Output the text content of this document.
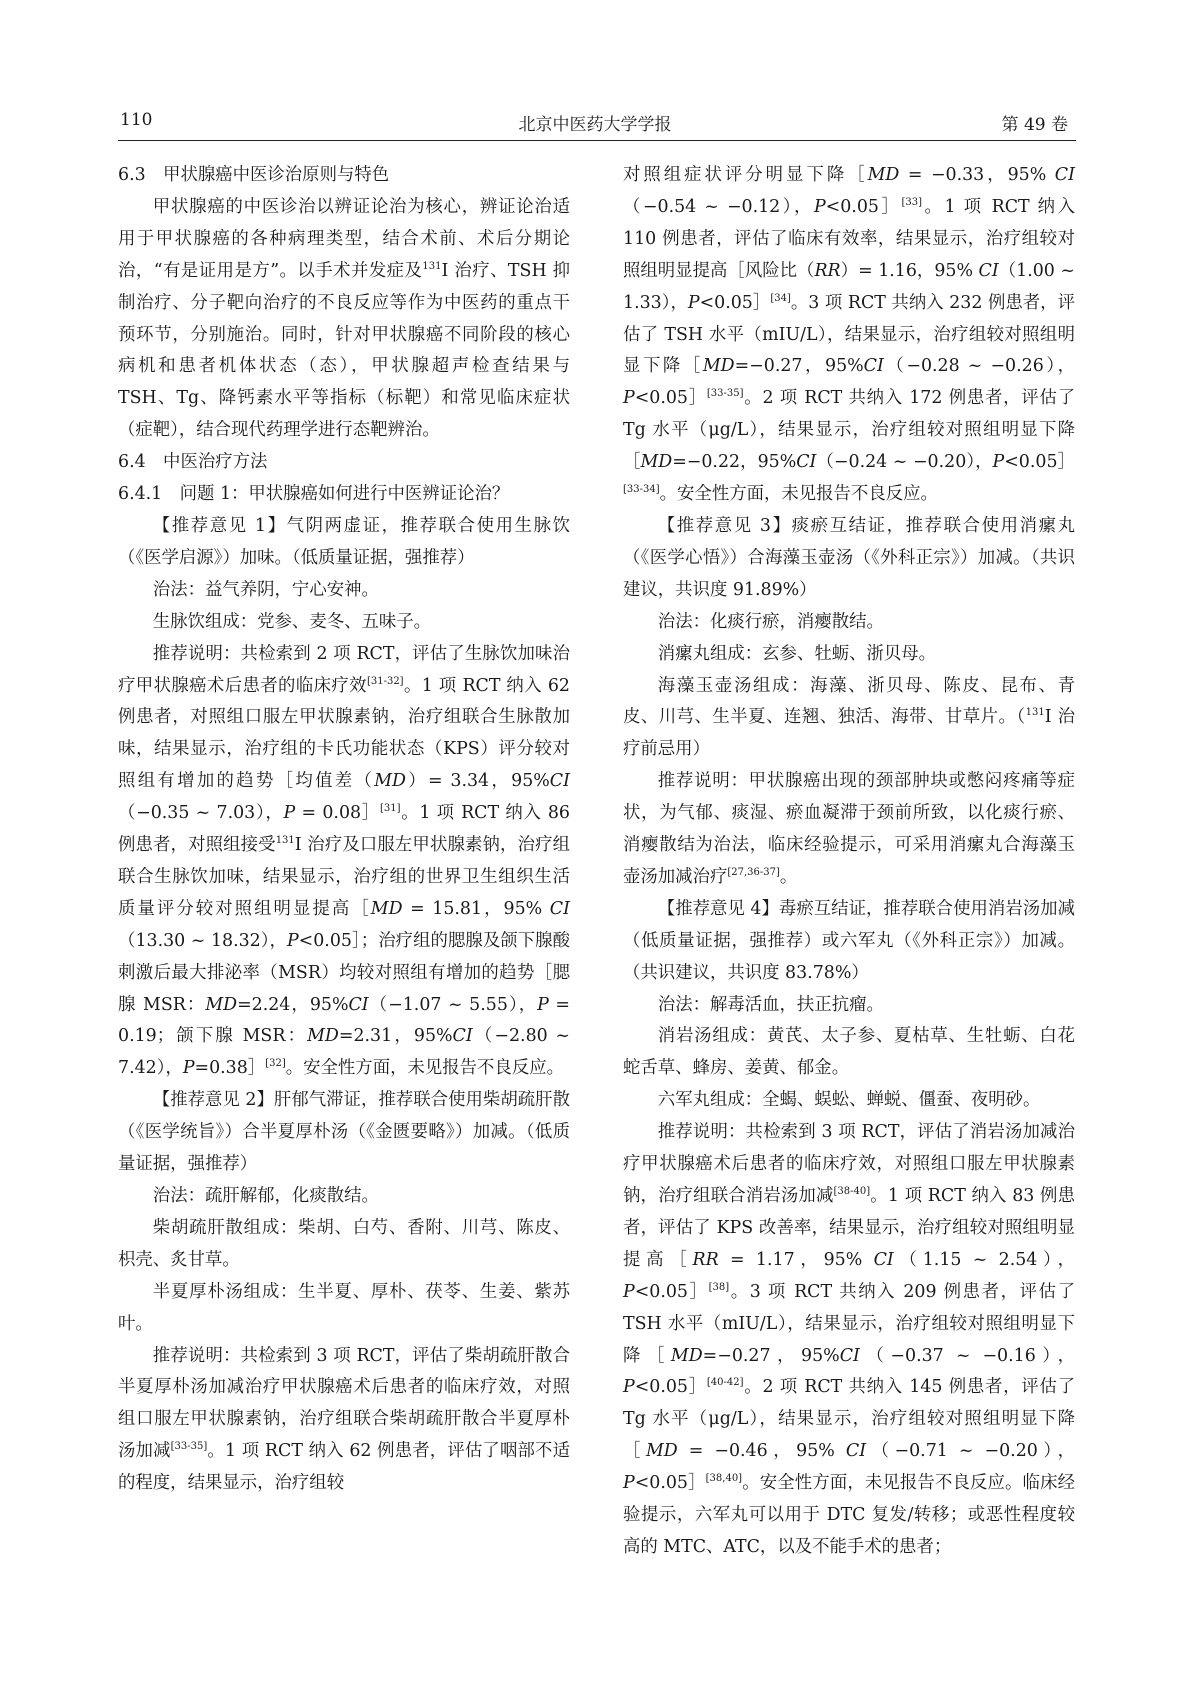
110	北京中医药大学学报	第 49 卷

6.3　甲状腺癌中医诊治原则与特色

甲状腺癌的中医诊治以辨证论治为核心，辨证论治适用于甲状腺癌的各种病理类型，结合术前、术后分期论治，“有是证用是方”。以手术并发症及$^{131}$I 治疗、TSH 抑制治疗、分子靶向治疗的不良反应等作为中医药的重点干预环节，分别施治。同时，针对甲状腺癌不同阶段的核心病机和患者机体状态（态），甲状腺超声检查结果与 TSH、Tg、降钙素水平等指标（标靶）和常见临床症状（症靶），结合现代药理学进行态靶辨治。

6.4　中医治疗方法

6.4.1　问题 1：甲状腺癌如何进行中医辨证论治？

【推荐意见 1】气阴两虚证，推荐联合使用生脉饮（《医学启源》）加味。（低质量证据，强推荐）

治法：益气养阴，宁心安神。

生脉饮组成：党参、麦冬、五味子。

推荐说明：共检索到 2 项 RCT，评估了生脉饮加味治疗甲状腺癌术后患者的临床疗效[31-32]。1 项 RCT 纳入 62 例患者，对照组口服左甲状腺素钠，治疗组联合生脉散加味，结果显示，治疗组的卡氏功能状态（KPS）评分较对照组有增加的趋势［均值差（MD）= 3.34，95%CI（−0.35 ~ 7.03），P = 0.08］[31]。1 项 RCT 纳入 86 例患者，对照组接受$^{131}$I 治疗及口服左甲状腺素钠，治疗组联合生脉饮加味，结果显示，治疗组的世界卫生组织生活质量评分较对照组明显提高［MD = 15.81，95% CI（13.30 ~ 18.32），P<0.05］；治疗组的腮腺及颌下腺酸刺激后最大排泌率（MSR）均较对照组有增加的趋势［腮腺 MSR：MD=2.24，95%CI（−1.07 ~ 5.55），P = 0.19；颌下腺 MSR：MD=2.31，95%CI（−2.80 ~ 7.42），P=0.38］[32]。安全性方面，未见报告不良反应。

【推荐意见 2】肝郁气滞证，推荐联合使用柴胡疏肝散（《医学统旨》）合半夏厚朴汤（《金匮要略》）加减。（低质量证据，强推荐）

治法：疏肝解郁，化痰散结。

柴胡疏肝散组成：柴胡、白芍、香附、川芎、陈皮、枳壳、炙甘草。

半夏厚朴汤组成：生半夏、厚朴、茯苓、生姜、紫苏叶。

推荐说明：共检索到 3 项 RCT，评估了柴胡疏肝散合半夏厚朴汤加减治疗甲状腺癌术后患者的临床疗效，对照组口服左甲状腺素钠，治疗组联合柴胡疏肝散合半夏厚朴汤加减[33-35]。1 项 RCT 纳入 62 例患者，评估了咽部不适的程度，结果显示，治疗组较

对照组症状评分明显下降［MD = −0.33，95% CI（−0.54 ~ −0.12），P<0.05］[33]。1 项 RCT 纳入 110 例患者，评估了临床有效率，结果显示，治疗组较对照组明显提高［风险比（RR）= 1.16，95% CI（1.00 ~ 1.33），P<0.05］[34]。3 项 RCT 共纳入 232 例患者，评估了 TSH 水平（mIU/L），结果显示，治疗组较对照组明显下降［MD=−0.27，95%CI（−0.28 ~ −0.26），P<0.05］[33-35]。2 项 RCT 共纳入 172 例患者，评估了 Tg 水平（μg/L），结果显示，治疗组较对照组明显下降［MD=−0.22，95%CI（−0.24 ~ −0.20），P<0.05］[33-34]。安全性方面，未见报告不良反应。

【推荐意见 3】痰瘀互结证，推荐联合使用消瘰丸（《医学心悟》）合海藻玉壶汤（《外科正宗》）加减。（共识建议，共识度 91.89%）

治法：化痰行瘀，消瘿散结。

消瘰丸组成：玄参、牡蛎、浙贝母。

海藻玉壶汤组成：海藻、浙贝母、陈皮、昆布、青皮、川芎、生半夏、连翘、独活、海带、甘草片。（$^{131}$I 治疗前忌用）

推荐说明：甲状腺癌出现的颈部肿块或憋闷疼痛等症状，为气郁、痰湿、瘀血凝滞于颈前所致，以化痰行瘀、消瘿散结为治法，临床经验提示，可采用消瘰丸合海藻玉壶汤加减治疗[27,36-37]。

【推荐意见 4】毒瘀互结证，推荐联合使用消岩汤加减（低质量证据，强推荐）或六军丸（《外科正宗》）加减。（共识建议，共识度 83.78%）

治法：解毒活血，扶正抗瘤。

消岩汤组成：黄芪、太子参、夏枯草、生牡蛎、白花蛇舌草、蜂房、姜黄、郁金。

六军丸组成：全蝎、蜈蚣、蝉蜕、僵蚕、夜明砂。

推荐说明：共检索到 3 项 RCT，评估了消岩汤加减治疗甲状腺癌术后患者的临床疗效，对照组口服左甲状腺素钠，治疗组联合消岩汤加减[38-40]。1 项 RCT 纳入 83 例患者，评估了 KPS 改善率，结果显示，治疗组较对照组明显提高［RR = 1.17，95% CI（1.15 ~ 2.54），P<0.05］[38]。3 项 RCT 共纳入 209 例患者，评估了 TSH 水平（mIU/L），结果显示，治疗组较对照组明显下降［MD=−0.27，95%CI（−0.37 ~ −0.16），P<0.05］[40-42]。2 项 RCT 共纳入 145 例患者，评估了 Tg 水平（μg/L），结果显示，治疗组较对照组明显下降［MD = −0.46，95% CI（−0.71 ~ −0.20），P<0.05］[38,40]。安全性方面，未见报告不良反应。临床经验提示，六军丸可以用于 DTC 复发/转移；或恶性程度较高的 MTC、ATC，以及不能手术的患者；
